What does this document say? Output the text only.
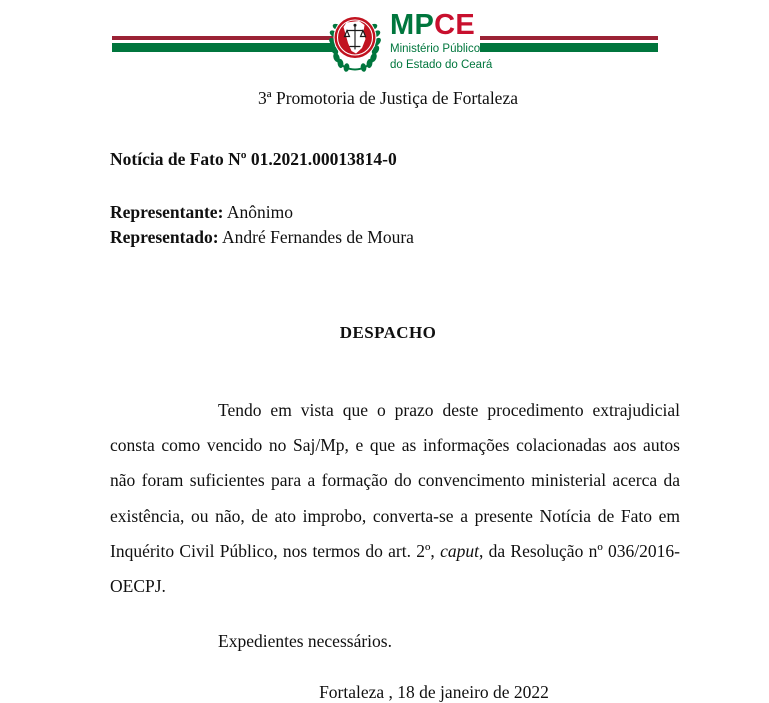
MPCE
Ministério Público
do Estado do Ceará
3ª Promotoria de Justiça de Fortaleza
Notícia de Fato Nº 01.2021.00013814-0
Representante: Anônimo
Representado: André Fernandes de Moura
DESPACHO

Tendo em vista que o prazo deste procedimento extrajudicial consta como vencido no Saj/Mp, e que as informações colacionadas aos autos não foram suficientes para a formação do convencimento ministerial acerca da existência, ou não, de ato improbo, converta-se a presente Notícia de Fato em Inquérito Civil Público, nos termos do art. 2º, caput, da Resolução nº 036/2016-OECPJ.

Expedientes necessários.
Fortaleza , 18 de janeiro de 2022
